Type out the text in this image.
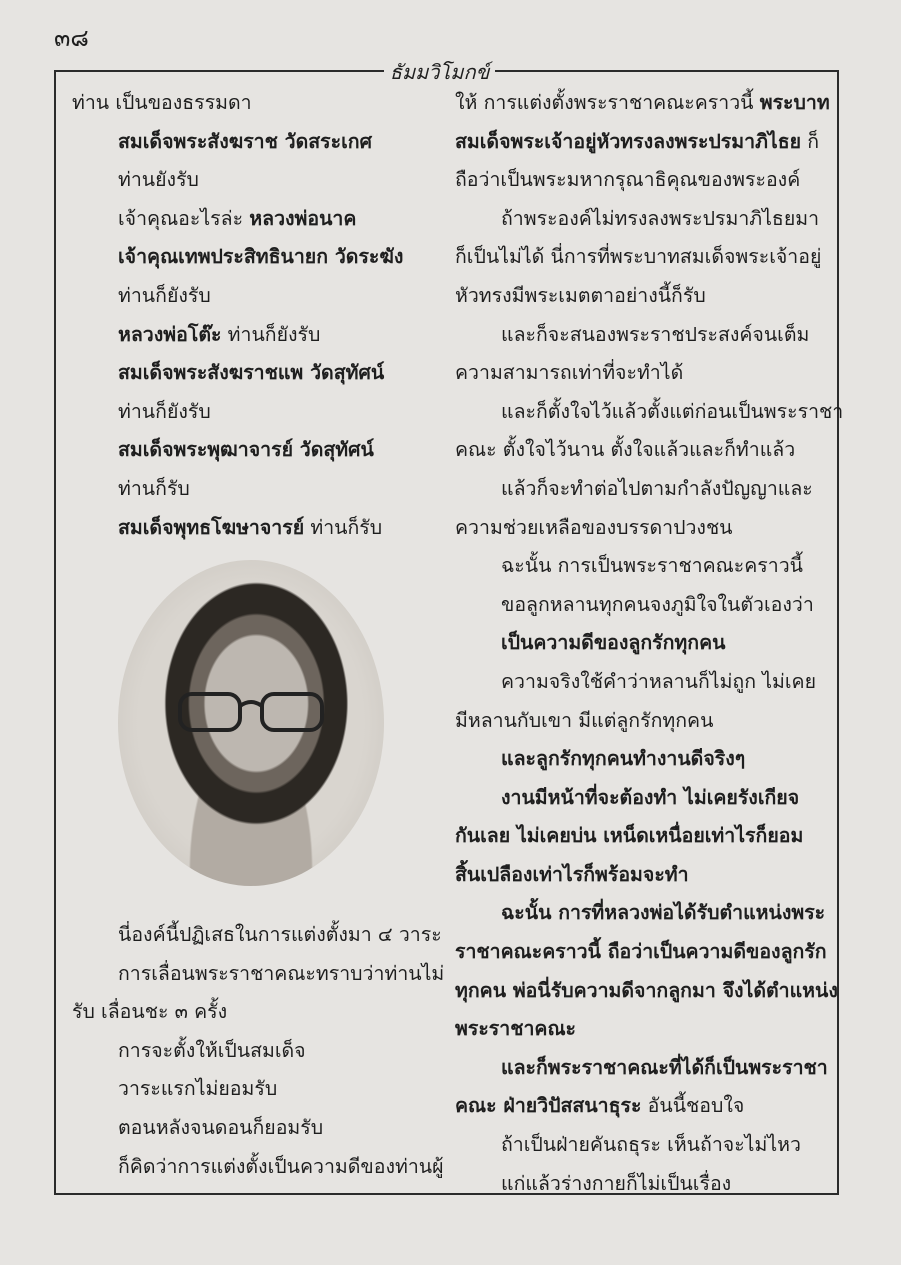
๓๘
ธัมมวิโมกข์
ท่าน เป็นของธรรมดา
สมเด็จพระสังฆราช วัดสระเกศ
ท่านยังรับ
เจ้าคุณอะไรล่ะ หลวงพ่อนาค
เจ้าคุณเทพประสิทธินายก วัดระฆัง
ท่านก็ยังรับ
หลวงพ่อโต๊ะ ท่านก็ยังรับ
สมเด็จพระสังฆราชแพ วัดสุทัศน์
ท่านก็ยังรับ
สมเด็จพระพุฒาจารย์ วัดสุทัศน์
ท่านก็รับ
สมเด็จพุทธโฆษาจารย์ ท่านก็รับ
นี่องค์นี้ปฏิเสธในการแต่งตั้งมา ๔ วาระ
การเลื่อนพระราชาคณะทราบว่าท่านไม่
รับ เลื่อนชะ ๓ ครั้ง
การจะตั้งให้เป็นสมเด็จ
วาระแรกไม่ยอมรับ
ตอนหลังจนดอนก็ยอมรับ
ก็คิดว่าการแต่งตั้งเป็นความดีของท่านผู้
ให้ การแต่งตั้งพระราชาคณะคราวนี้ พระบาท
สมเด็จพระเจ้าอยู่หัวทรงลงพระปรมาภิไธย ก็
ถือว่าเป็นพระมหากรุณาธิคุณของพระองค์
ถ้าพระองค์ไม่ทรงลงพระปรมาภิไธยมา
ก็เป็นไม่ได้ นี่การที่พระบาทสมเด็จพระเจ้าอยู่
หัวทรงมีพระเมตตาอย่างนี้ก็รับ
และก็จะสนองพระราชประสงค์จนเต็ม
ความสามารถเท่าที่จะทำได้
และก็ตั้งใจไว้แล้วตั้งแต่ก่อนเป็นพระราชา
คณะ ตั้งใจไว้นาน ตั้งใจแล้วและก็ทำแล้ว
แล้วก็จะทำต่อไปตามกำลังปัญญาและ
ความช่วยเหลือของบรรดาปวงชน
ฉะนั้น การเป็นพระราชาคณะคราวนี้
ขอลูกหลานทุกคนจงภูมิใจในตัวเองว่า
เป็นความดีของลูกรักทุกคน
ความจริงใช้คำว่าหลานก็ไม่ถูก ไม่เคย
มีหลานกับเขา มีแต่ลูกรักทุกคน
และลูกรักทุกคนทำงานดีจริงๆ
งานมีหน้าที่จะต้องทำ ไม่เคยรังเกียจ
กันเลย ไม่เคยบ่น เหน็ดเหนื่อยเท่าไรก็ยอม
สิ้นเปลืองเท่าไรก็พร้อมจะทำ
ฉะนั้น การที่หลวงพ่อได้รับตำแหน่งพระ
ราชาคณะคราวนี้ ถือว่าเป็นความดีของลูกรัก
ทุกคน พ่อนี่รับความดีจากลูกมา จึงได้ตำแหน่ง
พระราชาคณะ
และก็พระราชาคณะที่ได้ก็เป็นพระราชา
คณะ ฝ่ายวิปัสสนาธุระ อันนี้ชอบใจ
ถ้าเป็นฝ่ายคันถธุระ เห็นถ้าจะไม่ไหว
แก่แล้วร่างกายก็ไม่เป็นเรื่อง
